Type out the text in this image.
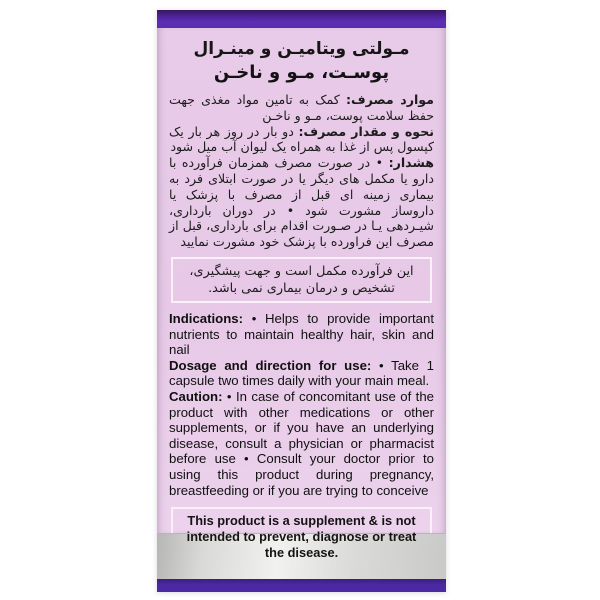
مـولتی ویتامیـن و مینـرال
پوسـت، مـو و ناخـن

موارد مصرف: کمک به تامین مواد مغذی جهت حفظ سلامت پوست، مـو و ناخـن

نحوه و مقدار مصرف: دو بار در روز هر بار یک کپسول پس از غذا به همراه یک لیوان آب میل شود

هشدار: • در صورت مصرف همزمان فرآورده با دارو یا مکمل های دیگر یا در صورت ابتلای فرد به بیماری زمینه ای قبل از مصرف با پزشک یا داروساز مشورت شود • در دوران بارداری، شیـردهی یـا در صـورت اقدام برای بارداری، قبل از مصرف این فراورده با پزشک خود مشورت نمایید

این فرآورده مکمل است و جهت پیشگیری، تشخیص و درمان بیماری نمی باشد.

Indications: • Helps to provide important nutrients to maintain healthy hair, skin and nail

Dosage and direction for use: • Take 1 capsule two times daily with your main meal.

Caution: • In case of concomitant use of the product with other medications or other supplements, or if you have an underlying disease, consult a physician or pharmacist before use • Consult your doctor prior to using this product during pregnancy, breastfeeding or if you are trying to conceive

This product is a supplement & is not intended to prevent, diagnose or treat the disease.
